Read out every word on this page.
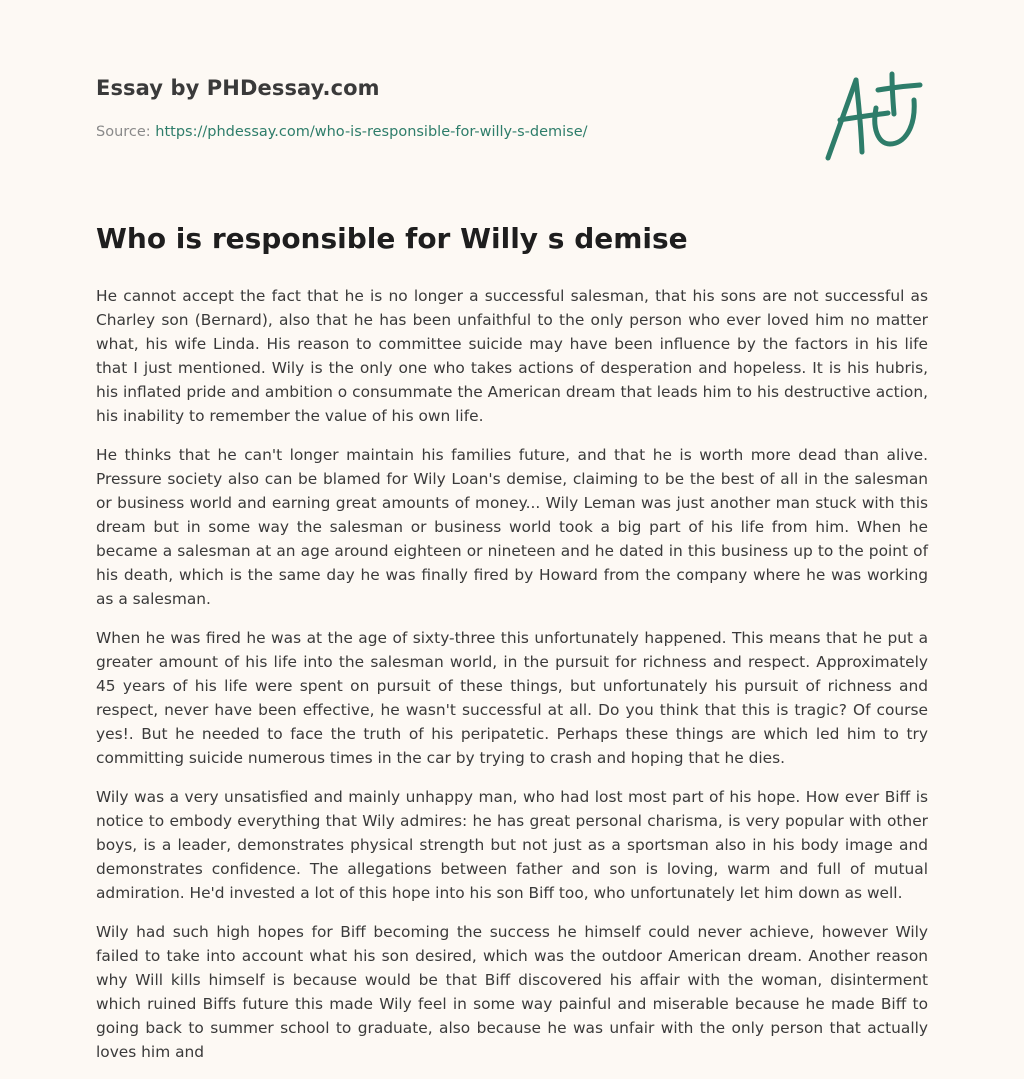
Essay by PHDessay.com
Source: https://phdessay.com/who-is-responsible-for-willy-s-demise/
Who is responsible for Willy s demise

He cannot accept the fact that he is no longer a successful salesman, that his sons are not successful as Charley son (Bernard), also that he has been unfaithful to the only person who ever loved him no matter what, his wife Linda. His reason to committee suicide may have been influence by the factors in his life that I just mentioned. Wily is the only one who takes actions of desperation and hopeless. It is his hubris, his inflated pride and ambition o consummate the American dream that leads him to his destructive action, his inability to remember the value of his own life.

He thinks that he can't longer maintain his families future, and that he is worth more dead than alive. Pressure society also can be blamed for Wily Loan's demise, claiming to be the best of all in the salesman or business world and earning great amounts of money... Wily Leman was just another man stuck with this dream but in some way the salesman or business world took a big part of his life from him. When he became a salesman at an age around eighteen or nineteen and he dated in this business up to the point of his death, which is the same day he was finally fired by Howard from the company where he was working as a salesman.

When he was fired he was at the age of sixty-three this unfortunately happened. This means that he put a greater amount of his life into the salesman world, in the pursuit for richness and respect. Approximately 45 years of his life were spent on pursuit of these things, but unfortunately his pursuit of richness and respect, never have been effective, he wasn't successful at all. Do you think that this is tragic? Of course yes!. But he needed to face the truth of his peripatetic. Perhaps these things are which led him to try committing suicide numerous times in the car by trying to crash and hoping that he dies.

Wily was a very unsatisfied and mainly unhappy man, who had lost most part of his hope. How ever Biff is notice to embody everything that Wily admires: he has great personal charisma, is very popular with other boys, is a leader, demonstrates physical strength but not just as a sportsman also in his body image and demonstrates confidence. The allegations between father and son is loving, warm and full of mutual admiration. He'd invested a lot of this hope into his son Biff too, who unfortunately let him down as well.

Wily had such high hopes for Biff becoming the success he himself could never achieve, however Wily failed to take into account what his son desired, which was the outdoor American dream. Another reason why Will kills himself is because would be that Biff discovered his affair with the woman, disinterment which ruined Biffs future this made Wily feel in some way painful and miserable because he made Biff to going back to summer school to graduate, also because he was unfair with the only person that actually loves him and
